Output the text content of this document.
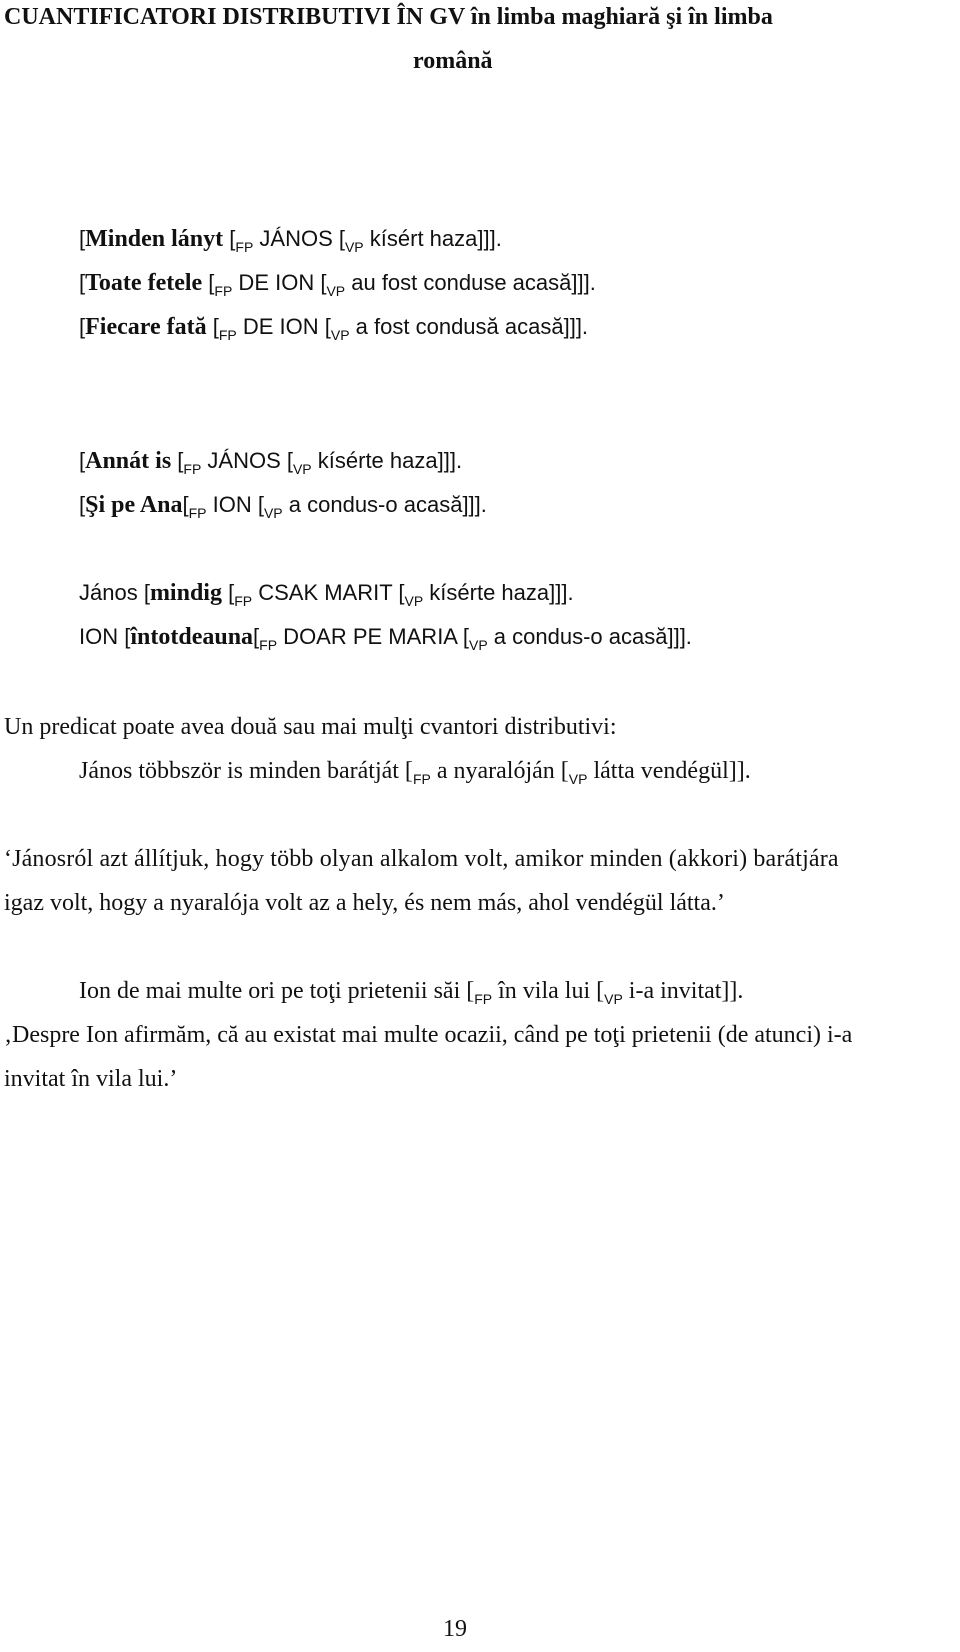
CUANTIFICATORI DISTRIBUTIVI ÎN GV în limba maghiară şi în limba
română
[Minden lányt [$_{FP}$ JÁNOS [$_{VP}$ kísért haza]]].
[Toate fetele [$_{FP}$ DE ION [$_{VP}$ au fost conduse acasă]]].
[Fiecare fată [$_{FP}$ DE ION [$_{VP}$ a fost condusă acasă]]].
[Annát is [$_{FP}$ JÁNOS [$_{VP}$ kísérte haza]]].
[Şi pe $Ana[_{FP}$ ION [$_{VP}$ a condus-o acasă]]].
János [mindig [$_{FP}$ CSAK MARIT [$_{VP}$ kísérte haza]]].
ION [$întotdeauna[_{FP}$ DOAR PE MARIA [$_{VP}$ a condus-o acasă]]].
Un predicat poate avea două sau mai mulţi cvantori distributivi:
János többször is minden barátját [$_{FP}$ a nyaralóján [$_{VP}$ látta vendégül]].
‘Jánosról azt állítjuk, hogy több olyan alkalom volt, amikor minden (akkori) barátjára
igaz volt, hogy a nyaralója volt az a hely, és nem más, ahol vendégül látta.’
Ion de mai multe ori pe toţi prietenii săi [$_{FP}$ în vila lui [$_{VP}$ i-a invitat]].
‚Despre Ion afirmăm, că au existat mai multe ocazii, când pe toţi prietenii (de atunci) i-a
invitat în vila lui.’
19
